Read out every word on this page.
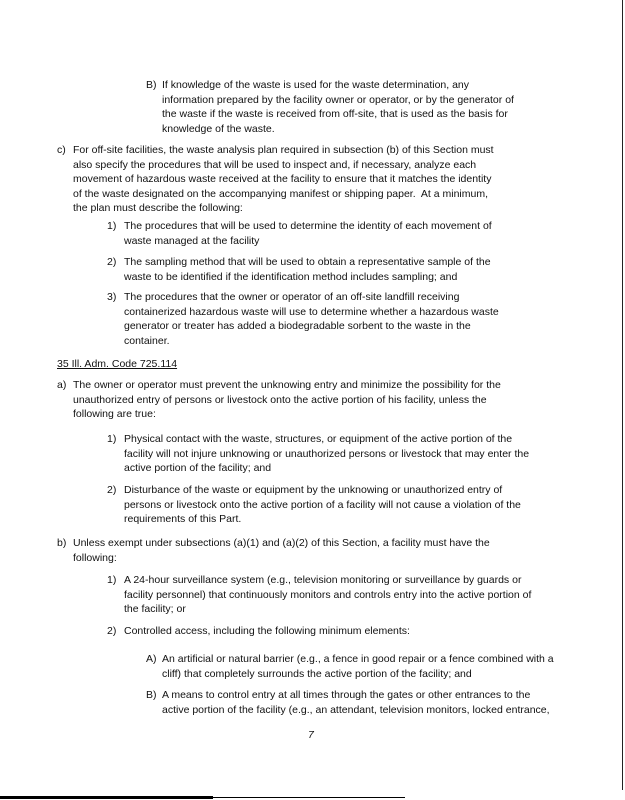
B) If knowledge of the waste is used for the waste determination, any
information prepared by the facility owner or operator, or by the generator of
the waste if the waste is received from off-site, that is used as the basis for
knowledge of the waste.
c) For off-site facilities, the waste analysis plan required in subsection (b) of this Section must
also specify the procedures that will be used to inspect and, if necessary, analyze each
movement of hazardous waste received at the facility to ensure that it matches the identity
of the waste designated on the accompanying manifest or shipping paper.  At a minimum,
the plan must describe the following:
1) The procedures that will be used to determine the identity of each movement of
waste managed at the facility
2) The sampling method that will be used to obtain a representative sample of the
waste to be identified if the identification method includes sampling; and
3) The procedures that the owner or operator of an off-site landfill receiving
containerized hazardous waste will use to determine whether a hazardous waste
generator or treater has added a biodegradable sorbent to the waste in the
container.
35 Ill. Adm. Code 725.114
a) The owner or operator must prevent the unknowing entry and minimize the possibility for the
unauthorized entry of persons or livestock onto the active portion of his facility, unless the
following are true:
1) Physical contact with the waste, structures, or equipment of the active portion of the
facility will not injure unknowing or unauthorized persons or livestock that may enter the
active portion of the facility; and
2) Disturbance of the waste or equipment by the unknowing or unauthorized entry of
persons or livestock onto the active portion of a facility will not cause a violation of the
requirements of this Part.
b) Unless exempt under subsections (a)(1) and (a)(2) of this Section, a facility must have the
following:
1) A 24-hour surveillance system (e.g., television monitoring or surveillance by guards or
facility personnel) that continuously monitors and controls entry into the active portion of
the facility; or
2) Controlled access, including the following minimum elements:
A) An artificial or natural barrier (e.g., a fence in good repair or a fence combined with a
cliff) that completely surrounds the active portion of the facility; and
B) A means to control entry at all times through the gates or other entrances to the
active portion of the facility (e.g., an attendant, television monitors, locked entrance,
7
